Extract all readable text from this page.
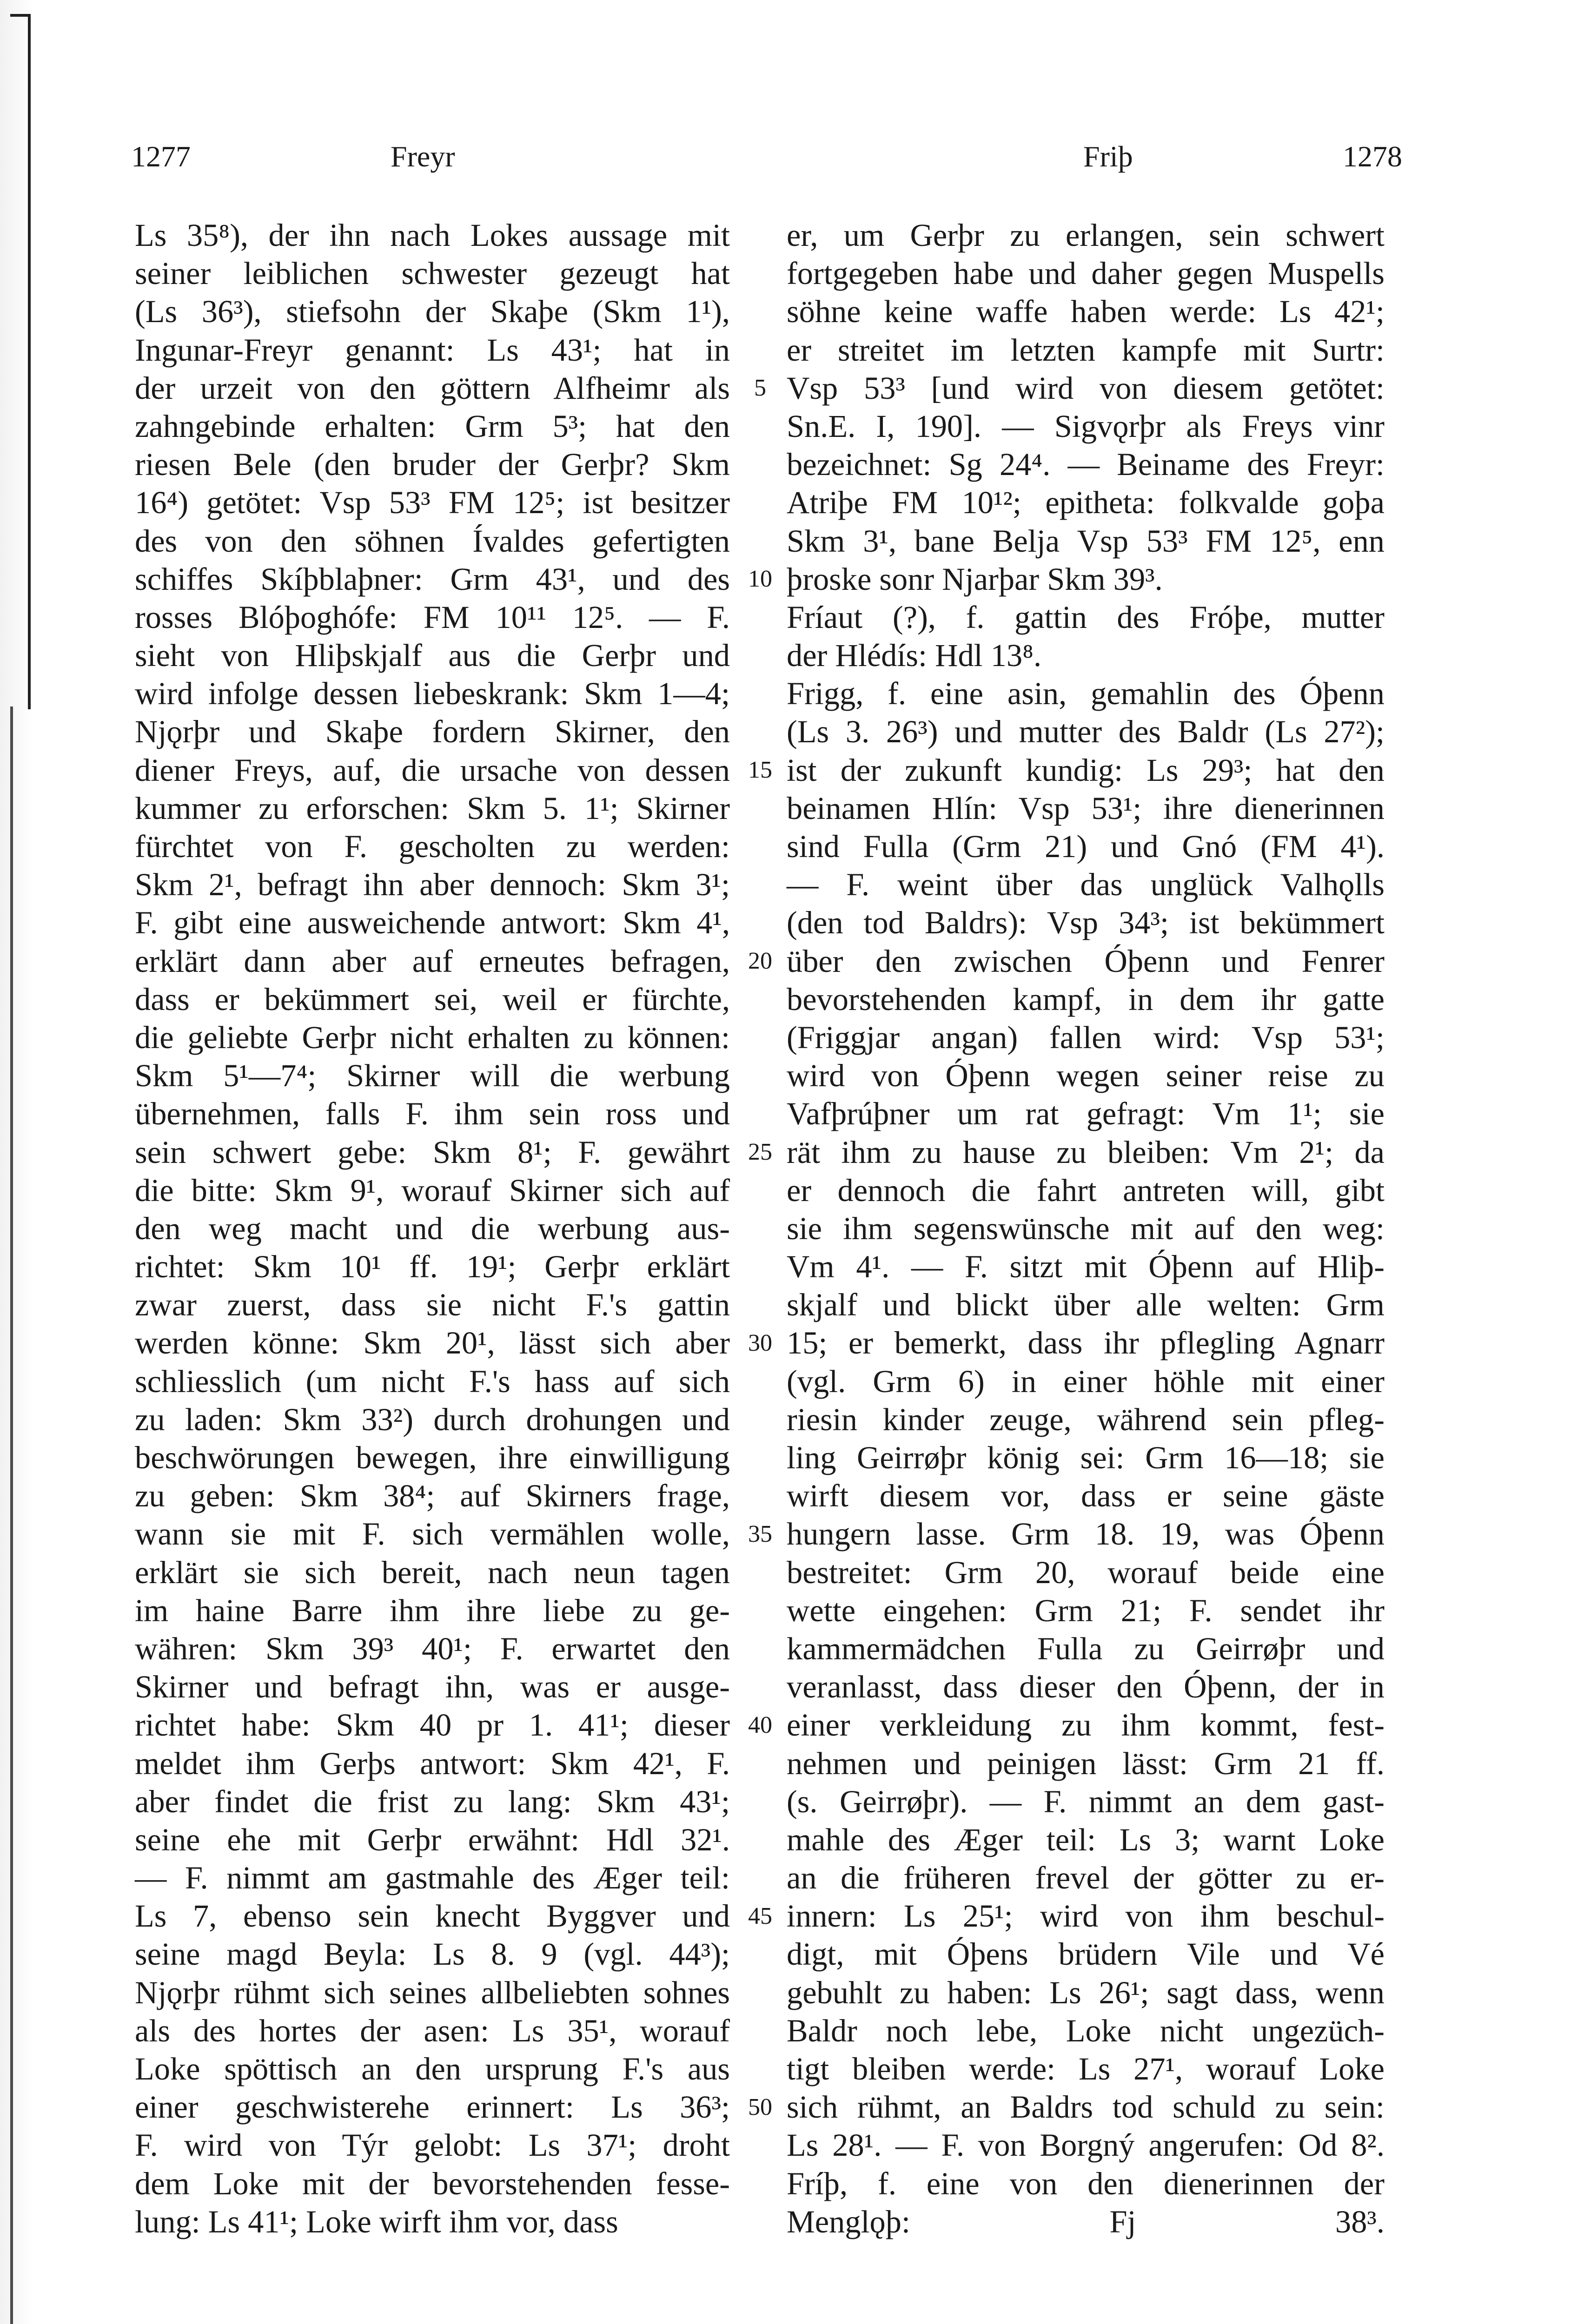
1277	Freyr	Friþ	1278
Ls 35⁸), der ihn nach Lokes aussage mit
seiner leiblichen schwester gezeugt hat
(Ls 36³), stiefsohn der Skaþe (Skm 1¹),
Ingunar-Freyr genannt: Ls 43¹; hat in
der urzeit von den göttern Alfheimr als
zahngebinde erhalten: Grm 5³; hat den
riesen Bele (den bruder der Gerþr? Skm
16⁴) getötet: Vsp 53³ FM 12⁵; ist besitzer
des von den söhnen Ívaldes gefertigten
schiffes Skíþblaþner: Grm 43¹, und des
rosses Blóþoghófe: FM 10¹¹ 12⁵. — F.
sieht von Hliþskjalf aus die Gerþr und
wird infolge dessen liebeskrank: Skm 1—4;
Njǫrþr und Skaþe fordern Skirner, den
diener Freys, auf, die ursache von dessen
kummer zu erforschen: Skm 5. 1¹; Skirner
fürchtet von F. gescholten zu werden:
Skm 2¹, befragt ihn aber dennoch: Skm 3¹;
F. gibt eine ausweichende antwort: Skm 4¹,
erklärt dann aber auf erneutes befragen,
dass er bekümmert sei, weil er fürchte,
die geliebte Gerþr nicht erhalten zu können:
Skm 5¹—7⁴; Skirner will die werbung
übernehmen, falls F. ihm sein ross und
sein schwert gebe: Skm 8¹; F. gewährt
die bitte: Skm 9¹, worauf Skirner sich auf
den weg macht und die werbung aus-
richtet: Skm 10¹ ff. 19¹; Gerþr erklärt
zwar zuerst, dass sie nicht F.'s gattin
werden könne: Skm 20¹, lässt sich aber
schliesslich (um nicht F.'s hass auf sich
zu laden: Skm 33²) durch drohungen und
beschwörungen bewegen, ihre einwilligung
zu geben: Skm 38⁴; auf Skirners frage,
wann sie mit F. sich vermählen wolle,
erklärt sie sich bereit, nach neun tagen
im haine Barre ihm ihre liebe zu ge-
währen: Skm 39³ 40¹; F. erwartet den
Skirner und befragt ihn, was er ausge-
richtet habe: Skm 40 pr 1. 41¹; dieser
meldet ihm Gerþs antwort: Skm 42¹, F.
aber findet die frist zu lang: Skm 43¹;
seine ehe mit Gerþr erwähnt: Hdl 32¹.
— F. nimmt am gastmahle des Æger teil:
Ls 7, ebenso sein knecht Byggver und
seine magd Beyla: Ls 8. 9 (vgl. 44³);
Njǫrþr rühmt sich seines allbeliebten sohnes
als des hortes der asen: Ls 35¹, worauf
Loke spöttisch an den ursprung F.'s aus
einer geschwisterehe erinnert: Ls 36³;
F. wird von Týr gelobt: Ls 37¹; droht
dem Loke mit der bevorstehenden fesse-
lung: Ls 41¹; Loke wirft ihm vor, dass
5
10
15
20
25
30
35
40
45
50
er, um Gerþr zu erlangen, sein schwert
fortgegeben habe und daher gegen Muspells
söhne keine waffe haben werde: Ls 42¹;
er streitet im letzten kampfe mit Surtr:
Vsp 53³ [und wird von diesem getötet:
Sn.E. I, 190]. — Sigvǫrþr als Freys vinr
bezeichnet: Sg 24⁴. — Beiname des Freyr:
Atriþe FM 10¹²; epitheta: folkvalde goþa
Skm 3¹, bane Belja Vsp 53³ FM 12⁵, enn
þroske sonr Njarþar Skm 39³.
Fríaut (?), f. gattin des Fróþe, mutter
der Hlédís: Hdl 13⁸.
Frigg, f. eine asin, gemahlin des Óþenn
(Ls 3. 26³) und mutter des Baldr (Ls 27²);
ist der zukunft kundig: Ls 29³; hat den
beinamen Hlín: Vsp 53¹; ihre dienerinnen
sind Fulla (Grm 21) und Gnó (FM 4¹).
— F. weint über das unglück Valhǫlls
(den tod Baldrs): Vsp 34³; ist bekümmert
über den zwischen Óþenn und Fenrer
bevorstehenden kampf, in dem ihr gatte
(Friggjar angan) fallen wird: Vsp 53¹;
wird von Óþenn wegen seiner reise zu
Vafþrúþner um rat gefragt: Vm 1¹; sie
rät ihm zu hause zu bleiben: Vm 2¹; da
er dennoch die fahrt antreten will, gibt
sie ihm segenswünsche mit auf den weg:
Vm 4¹. — F. sitzt mit Óþenn auf Hliþ-
skjalf und blickt über alle welten: Grm
15; er bemerkt, dass ihr pflegling Agnarr
(vgl. Grm 6) in einer höhle mit einer
riesin kinder zeuge, während sein pfleg-
ling Geirrøþr könig sei: Grm 16—18; sie
wirft diesem vor, dass er seine gäste
hungern lasse. Grm 18. 19, was Óþenn
bestreitet: Grm 20, worauf beide eine
wette eingehen: Grm 21; F. sendet ihr
kammermädchen Fulla zu Geirrøþr und
veranlasst, dass dieser den Óþenn, der in
einer verkleidung zu ihm kommt, fest-
nehmen und peinigen lässt: Grm 21 ff.
(s. Geirrøþr). — F. nimmt an dem gast-
mahle des Æger teil: Ls 3; warnt Loke
an die früheren frevel der götter zu er-
innern: Ls 25¹; wird von ihm beschul-
digt, mit Óþens brüdern Vile und Vé
gebuhlt zu haben: Ls 26¹; sagt dass, wenn
Baldr noch lebe, Loke nicht ungezüch-
tigt bleiben werde: Ls 27¹, worauf Loke
sich rühmt, an Baldrs tod schuld zu sein:
Ls 28¹. — F. von Borgný angerufen: Od 8².
Fríþ, f. eine von den dienerinnen der
Menglǫþ: Fj 38³.
